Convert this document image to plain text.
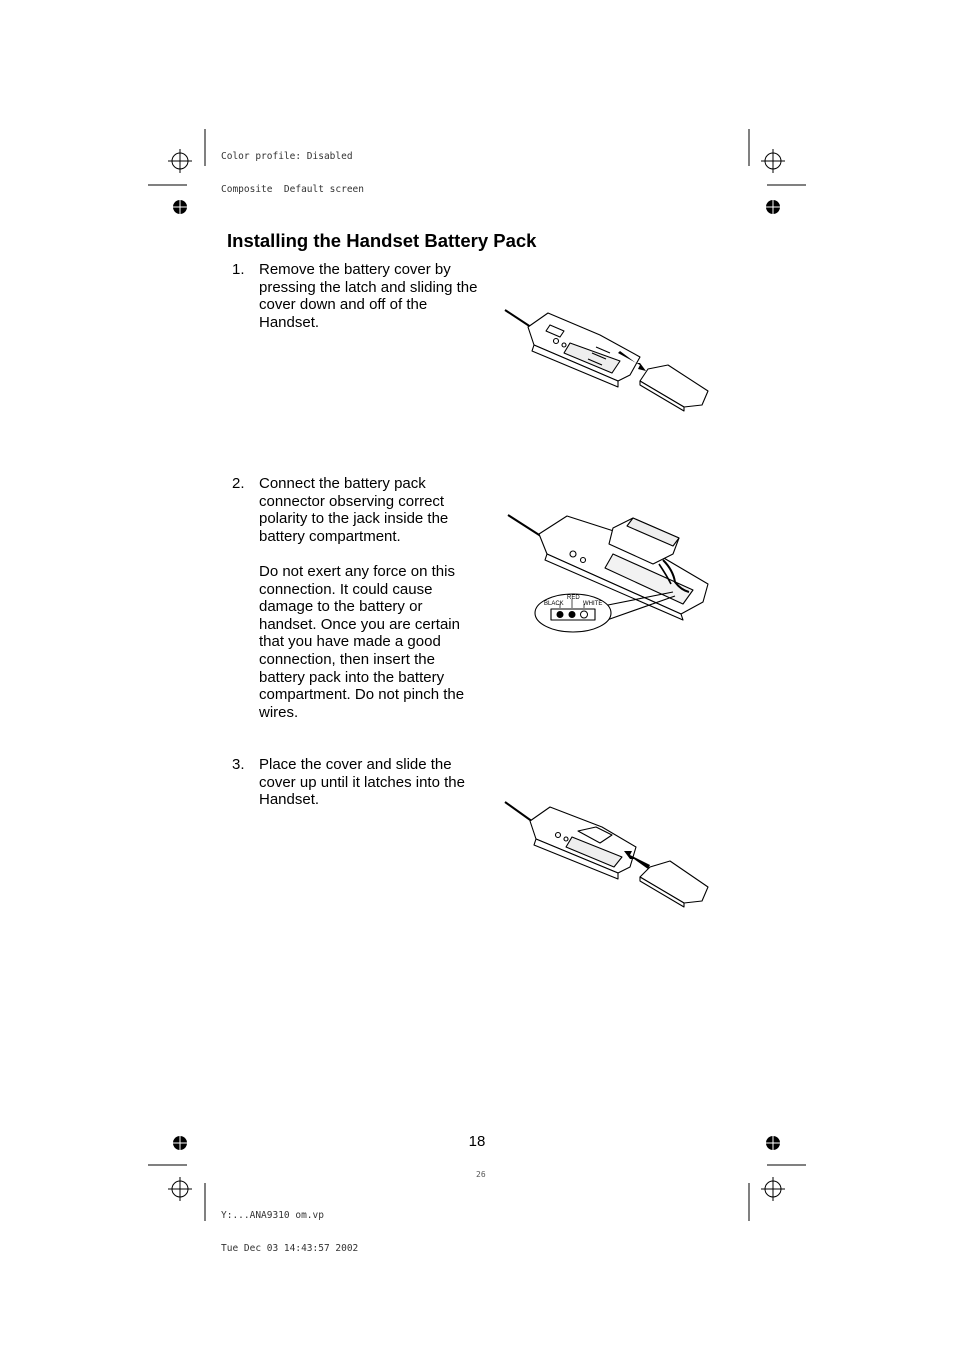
Color profile: Disabled

Composite  Default screen

Y:...ANA9310 om.vp

Tue Dec 03 14:43:57 2002

26
Installing the Handset Battery Pack
1. Remove the battery cover by pressing the latch and sliding the cover down and off of the Handset.
2. Connect the battery pack connector observing correct polarity to the jack inside the battery compartment.
Do not exert any force on this connection. It could cause damage to the battery or handset. Once you are certain that you have made a good connection, then insert the battery pack into the battery compartment. Do not pinch the wires.
3. Place the cover and slide the cover up until it latches into the Handset.
BLACK
RED
WHITE
18
